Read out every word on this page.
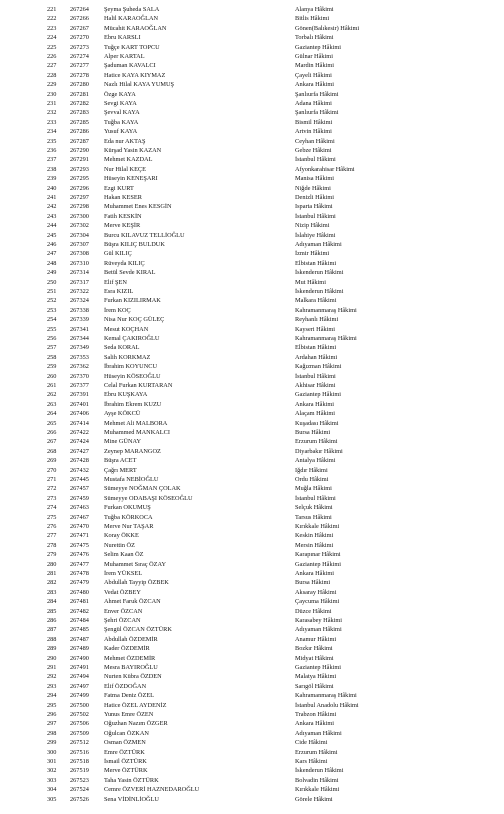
221	267264	Şeyma Şuheda SALA	Alanya Hâkimi
222	267266	Halil KARAOĞLAN	Bitlis Hâkimi
223	267267	Mücahit KARAOĞLAN	Gönen(Balıkesir) Hâkimi
224	267270	Ebru KARSLI	Torbalı Hâkimi
225	267273	Tuğçe KART TOPCU	Gaziantep Hâkimi
226	267274	Alper KARTAL	Gülnar Hâkimi
227	267277	Şaduman KAVALCI	Mardin Hâkimi
228	267278	Hatice KAYA KIYMAZ	Çayeli Hâkimi
229	267280	Nazlı Hilal KAYA YUMUŞ	Ankara Hâkimi
230	267281	Özge KAYA	Şanlıurfa Hâkimi
231	267282	Sevgi KAYA	Adana Hâkimi
232	267283	Şevval KAYA	Şanlıurfa Hâkimi
233	267285	Tuğba KAYA	Bismil Hâkimi
234	267286	Yusuf KAYA	Artvin Hâkimi
235	267287	Eda nur AKTAŞ	Ceyhan Hâkimi
236	267290	Kürşad Yasin KAZAN	Gebze Hâkimi
237	267291	Mehmet KAZDAL	İstanbul Hâkimi
238	267293	Nur Hilal KEÇE	Afyonkarahisar Hâkimi
239	267295	Hüseyin KENEŞARI	Manisa Hâkimi
240	267296	Ezgi KURT	Niğde Hâkimi
241	267297	Hakan KESER	Denizli Hâkimi
242	267298	Muhammet Enes KESGİN	Isparta Hâkimi
243	267300	Fatih KESKİN	İstanbul Hâkimi
244	267302	Merve KEŞİR	Nizip Hâkimi
245	267304	Burcu KILAVUZ TELLİOĞLU	İslahiye Hâkimi
246	267307	Büşra KILIÇ BULDUK	Adıyaman Hâkimi
247	267308	Gül KILIÇ	İzmir Hâkimi
248	267310	Rüveyda KILIÇ	Elbistan Hâkimi
249	267314	Betül Sevde KIRAL	İskenderun Hâkimi
250	267317	Elif ŞEN	Mut Hâkimi
251	267322	Esra KIZIL	İskenderun Hâkimi
252	267324	Furkan KIZILIRMAK	Malkara Hâkimi
253	267338	İrem KOÇ	Kahramanmaraş Hâkimi
254	267339	Nisa Nur KOÇ GÜLEÇ	Reyhanlı Hâkimi
255	267341	Mesut KOÇHAN	Kayseri Hâkimi
256	267344	Kemal ÇAKIROĞLU	Kahramanmaraş Hâkimi
257	267349	Seda KORAL	Elbistan Hâkimi
258	267353	Salih KORKMAZ	Ardahan Hâkimi
259	267362	İbrahim KOYUNCU	Kağızman Hâkimi
260	267370	Hüseyin KÖSEOĞLU	İstanbul Hâkimi
261	267377	Celal Furkan KURTARAN	Akhisar Hâkimi
262	267391	Ebru KUŞKAYA	Gaziantep Hâkimi
263	267401	İbrahim Ekrem KUZU	Ankara Hâkimi
264	267406	Ayşe KÖKCÜ	Alaçam Hâkimi
265	267414	Mehmet Ali MALBORA	Kuşadası Hâkimi
266	267422	Muhammed MANKALCI	Bursa Hâkimi
267	267424	Mine GÜNAY	Erzurum Hâkimi
268	267427	Zeynep MARANGOZ	Diyarbakır Hâkimi
269	267428	Büşra ACET	Antalya Hâkimi
270	267432	Çağrı MERT	Iğdır Hâkimi
271	267445	Mustafa NEBİOĞLU	Ordu Hâkimi
272	267457	Sümeyye NOĞMAN ÇOLAK	Muğla Hâkimi
273	267459	Sümeyye ODABAŞI KÖSEOĞLU	İstanbul Hâkimi
274	267463	Furkan OKUMUŞ	Selçuk Hâkimi
275	267467	Tuğba KÖRKOCA	Tarsus Hâkimi
276	267470	Merve Nur TAŞAR	Kırıkkale Hâkimi
277	267471	Koray ÖKKE	Keskin Hâkimi
278	267475	Nurettin ÖZ	Mersin Hâkimi
279	267476	Selim Kaan ÖZ	Karapınar Hâkimi
280	267477	Muhammet Sıraç ÖZAY	Gaziantep Hâkimi
281	267478	İrem YÜKSEL	Ankara Hâkimi
282	267479	Abdullah Tayyip ÖZBEK	Bursa Hâkimi
283	267480	Vedat ÖZBEY	Aksaray Hâkimi
284	267481	Ahmet Faruk ÖZCAN	Çaycuma Hâkimi
285	267482	Enver ÖZCAN	Düzce Hâkimi
286	267484	Şehri ÖZCAN	Karasabey Hâkimi
287	267485	Şengül ÖZCAN ÖZTÜRK	Adıyaman Hâkimi
288	267487	Abdullah ÖZDEMİR	Anamur Hâkimi
289	267489	Kader ÖZDEMİR	Bozkır Hâkimi
290	267490	Mehmet ÖZDEMİR	Midyat Hâkimi
291	267491	Mesra BAYIROĞLU	Gaziantep Hâkimi
292	267494	Nurten Kübra ÖZDEN	Malatya Hâkimi
293	267497	Elif ÖZDOĞAN	Sarıgöl Hâkimi
294	267499	Fatma Deniz ÖZEL	Kahramanmaraş Hâkimi
295	267500	Hatice ÖZEL AYDENİZ	İstanbul Anadolu Hâkimi
296	267502	Yunus Emre ÖZEN	Trabzon Hâkimi
297	267506	Oğuzhan Nazım ÖZGER	Ankara Hâkimi
298	267509	Oğulcan ÖZKAN	Adıyaman Hâkimi
299	267512	Osman ÖZMEN	Cide Hâkimi
300	267516	Emre ÖZTÜRK	Erzurum Hâkimi
301	267518	İsmail ÖZTÜRK	Kars Hâkimi
302	267519	Merve ÖZTÜRK	İskenderun Hâkimi
303	267523	Taha Yasin ÖZTÜRK	Bolvadin Hâkimi
304	267524	Cemre ÖZVERİ HAZNEDAROĞLU	Kırıkkale Hâkimi
305	267526	Sena VİDİNLİOĞLU	Görele Hâkimi
